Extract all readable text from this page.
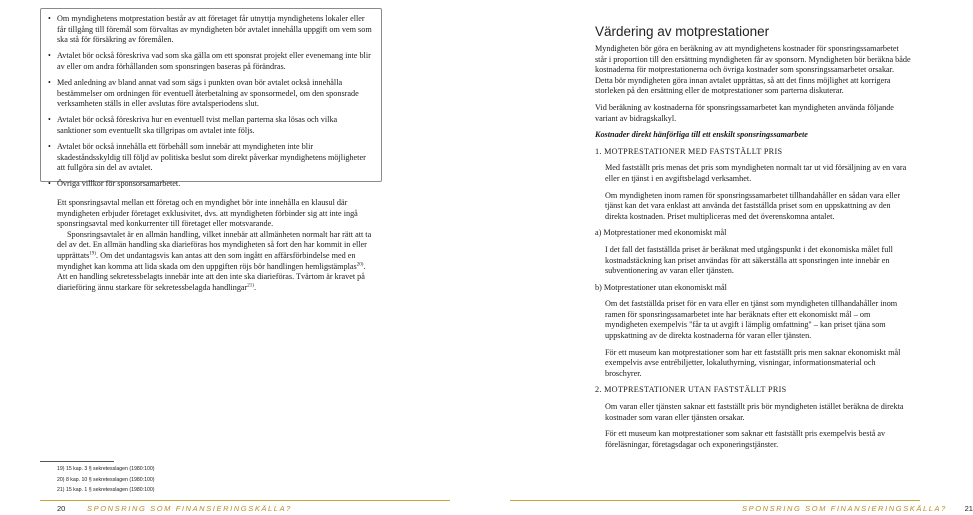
• Om myndighetens motprestation består av att företaget får utnyttja myndighetens lokaler eller får tillgång till föremål som förvaltas av myndigheten bör avtalet innehålla uppgift om vem som ska stå för försäkring av föremålen.
• Avtalet bör också föreskriva vad som ska gälla om ett sponsrat projekt eller evenemang inte blir av eller om andra förhållanden som sponsringen baseras på förändras.
• Med anledning av bland annat vad som sägs i punkten ovan bör avtalet också innehålla bestämmelser om ordningen för eventuell återbetalning av sponsormedel, om den sponsrade verksamheten ställs in eller avslutas före avtalsperiodens slut.
• Avtalet bör också föreskriva hur en eventuell tvist mellan parterna ska lösas och vilka sanktioner som eventuellt ska tillgripas om avtalet inte följs.
• Avtalet bör också innehålla ett förbehåll som innebär att myndigheten inte blir skadeståndsskyldig till följd av politiska beslut som direkt påverkar myndighetens möjligheter att fullgöra sin del av avtalet.
• Övriga villkor för sponsorsamarbetet.

Ett sponsringsavtal mellan ett företag och en myndighet bör inte innehålla en klausul där myndigheten erbjuder företaget exklusivitet, dvs. att myndigheten förbinder sig att inte ingå sponsringsavtal med konkurrenter till företaget eller motsvarande.

Sponsringsavtalet är en allmän handling, vilket innebär att allmänheten normalt har rätt att ta del av det. En allmän handling ska diarieföras hos myndigheten så fort den har kommit in eller upprättats$^{19)}$. Om det undantagsvis kan antas att den som ingått en affärsförbindelse med en myndighet kan komma att lida skada om den uppgiften röjs bör handlingen hemligstämplas$^{20)}$. Att en handling sekretessbelagts innebär inte att den inte ska diarieföras. Tvärtom är kravet på diarieföring ännu starkare för sekretessbelagda handlingar$^{21)}$.

19) 15 kap. 3 § sekretesslagen (1980:100)
20) 8 kap. 10 § sekretesslagen (1980:100)
21) 15 kap. 1 § sekretesslagen (1980:100)
20	SPONSRING SOM FINANSIERINGSKÄLLA?
Värdering av motprestationer

Myndigheten bör göra en beräkning av att myndighetens kostnader för sponsringssamarbetet står i proportion till den ersättning myndigheten får av sponsorn. Myndigheten bör beräkna både kostnaderna för motprestationerna och övriga kostnader som sponsringssamarbetet orsakar. Detta bör myndigheten göra innan avtalet upprättas, så att det finns möjlighet att korrigera storleken på den ersättning eller de motprestationer som parterna diskuterar.

Vid beräkning av kostnaderna för sponsringssamarbetet kan myndigheten använda följande variant av bidragskalkyl.

Kostnader direkt hänförliga till ett enskilt sponsringssamarbete

1. MOTPRESTATIONER MED FASTSTÄLLT PRIS

Med fastställt pris menas det pris som myndigheten normalt tar ut vid försäljning av en vara eller en tjänst i en avgiftsbelagd verksamhet.

Om myndigheten inom ramen för sponsringssamarbetet tillhandahåller en sådan vara eller tjänst kan det vara enklast att använda det fastställda priset som en uppskattning av den direkta kostnaden. Priset multipliceras med det överenskomna antalet.

a) Motprestationer med ekonomiskt mål

I det fall det fastställda priset är beräknat med utgångspunkt i det ekonomiska målet full kostnadstäckning kan priset användas för att säkerställa att sponsringen inte innebär en subventionering av varan eller tjänsten.

b) Motprestationer utan ekonomiskt mål

Om det fastställda priset för en vara eller en tjänst som myndigheten tillhandahåller inom ramen för sponsringssamarbetet inte har beräknats efter ett ekonomiskt mål – om myndigheten exempelvis "får ta ut avgift i lämplig omfattning" – kan priset tjäna som uppskattning av de direkta kostnaderna för varan eller tjänsten.

För ett museum kan motprestationer som har ett fastställt pris men saknar ekonomiskt mål exempelvis avse entrébiljetter, lokaluthyrning, visningar, informationsmaterial och broschyrer.

2. MOTPRESTATIONER UTAN FASTSTÄLLT PRIS

Om varan eller tjänsten saknar ett fastställt pris bör myndigheten istället beräkna de direkta kostnader som varan eller tjänsten orsakar.

För ett museum kan motprestationer som saknar ett fastställt pris exempelvis bestå av föreläsningar, företagsdagar och exponeringstjänster.

SPONSRING SOM FINANSIERINGSKÄLLA? 21
